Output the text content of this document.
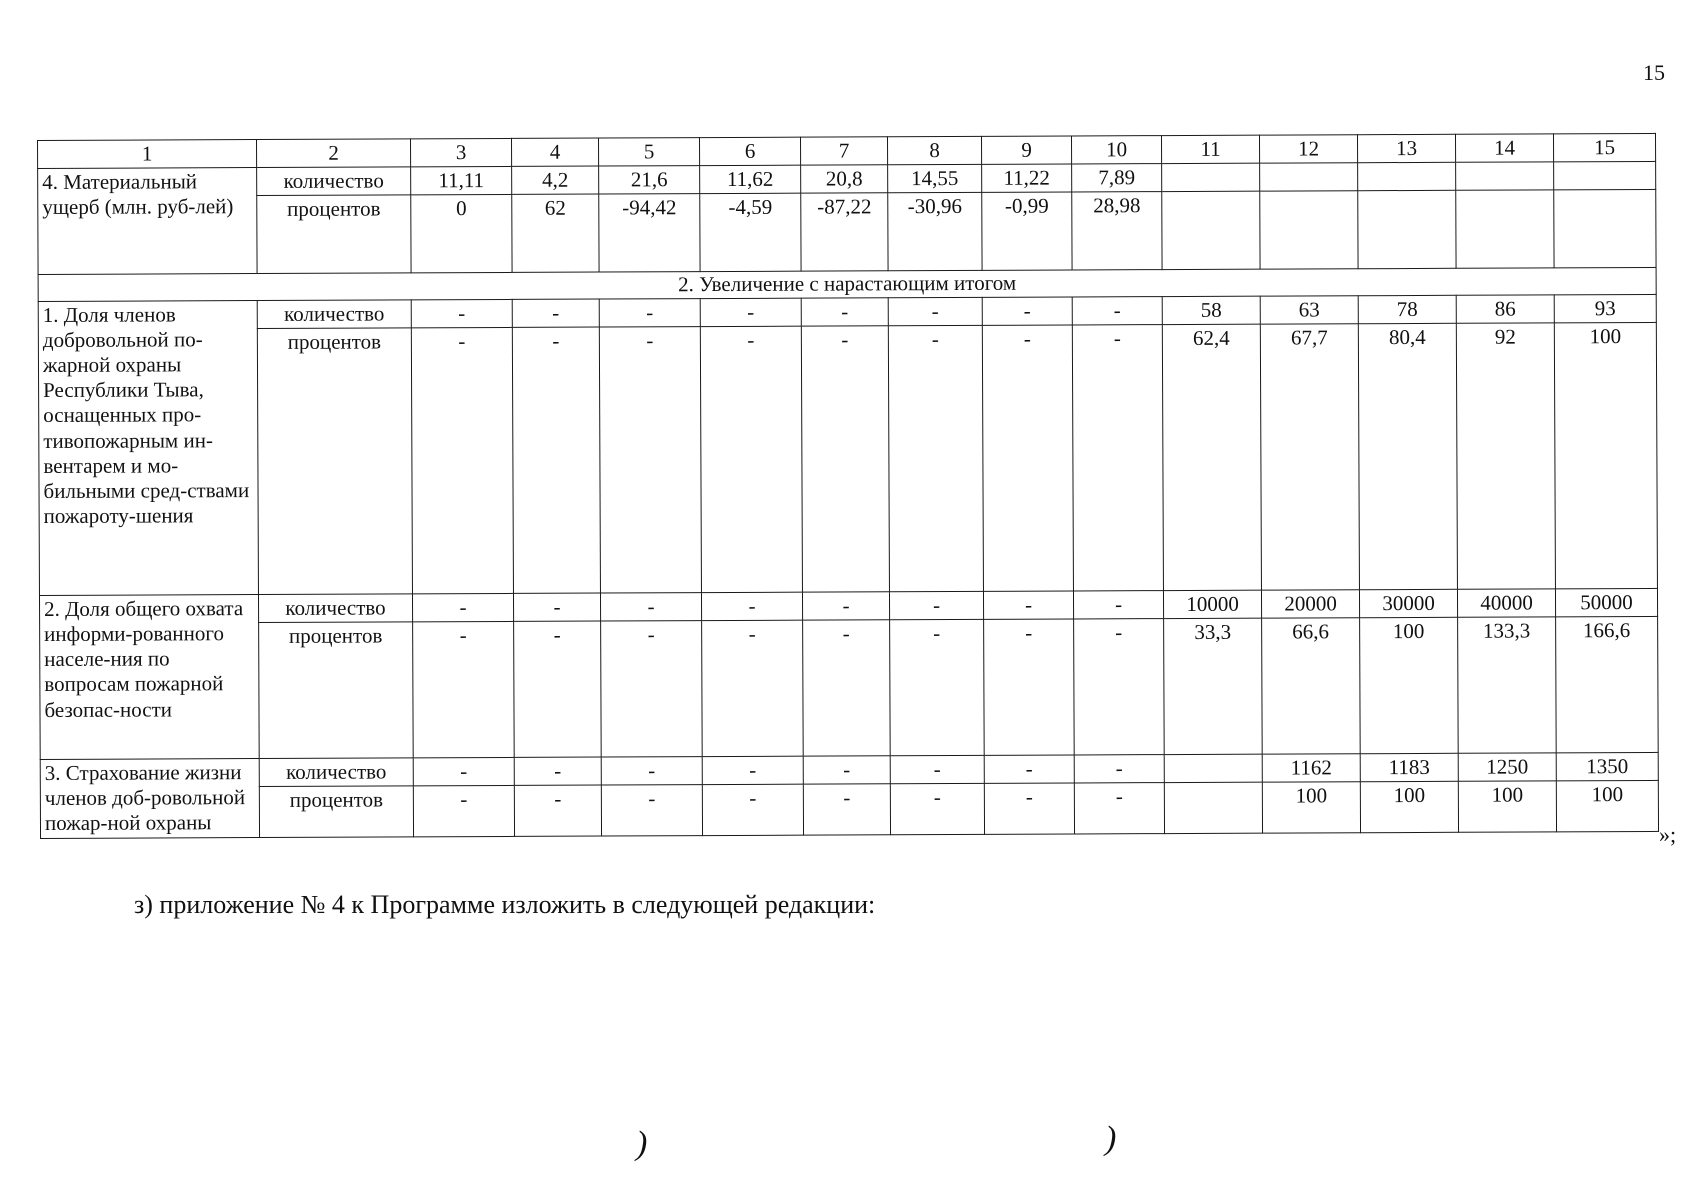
15
1	2	3	4	5	6	7	8	9	10	11	12	13	14	15
4. Материальный ущерб (млн. руб-лей)	количество	11,11	4,2	21,6	11,62	20,8	14,55	11,22	7,89					
	процентов	0	62	-94,42	-4,59	-87,22	-30,96	-0,99	28,98					
2. Увеличение с нарастающим итогом														
1. Доля членов добровольной по-жарной охраны Республики Тыва, оснащенных про-тивопожарным ин-вентарем и мо-бильными сред-ствами пожароту-шения	количество	-	-	-	-	-	-	-	-	58	63	78	86	93
	процентов	-	-	-	-	-	-	-	-	62,4	67,7	80,4	92	100
2. Доля общего охвата информи-рованного населе-ния по вопросам пожарной безопас-ности	количество	-	-	-	-	-	-	-	-	10000	20000	30000	40000	50000
	процентов	-	-	-	-	-	-	-	-	33,3	66,6	100	133,3	166,6
3. Страхование жизни членов доб-ровольной пожар-ной охраны	количество	-	-	-	-	-	-	-	-		1162	1183	1250	1350
	процентов	-	-	-	-	-	-	-	-		100	100	100	100
»;
з) приложение № 4 к Программе изложить в следующей редакции:
)	)
